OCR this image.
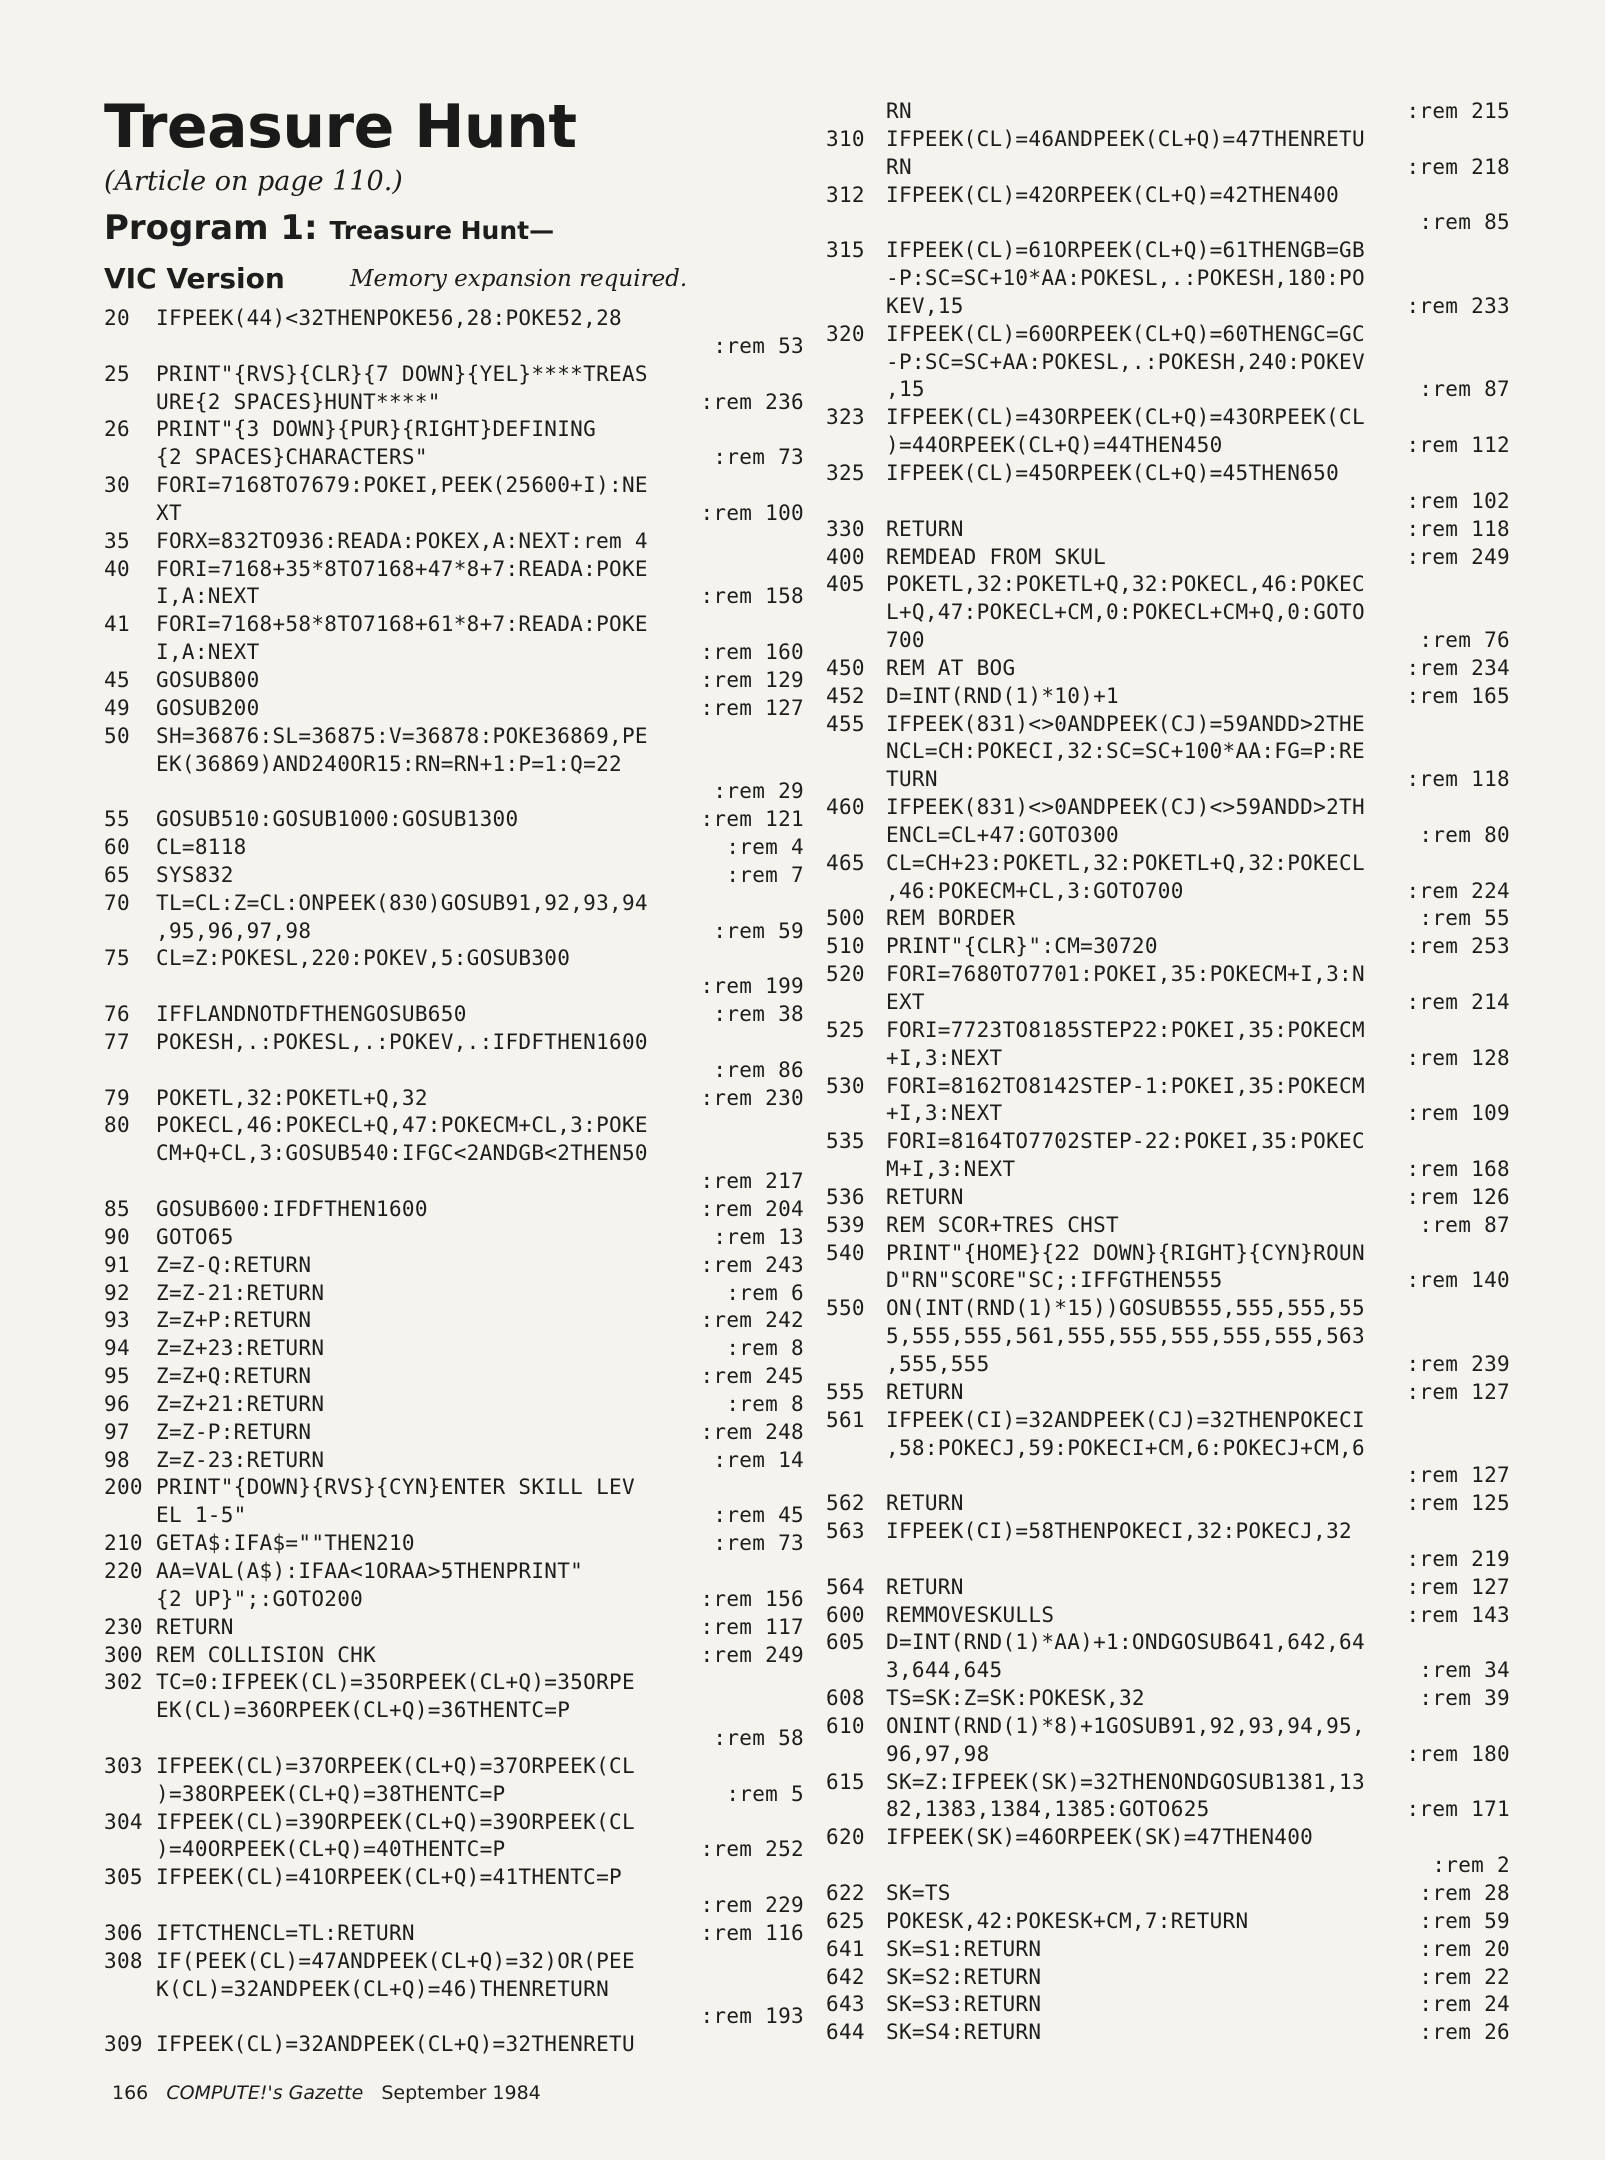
Treasure Hunt
(Article on page 110.)
Program 1: Treasure Hunt—
VIC Version	Memory expansion required.
20	IFPEEK(44)<32THENPOKE56,28:POKE52,28
:rem 53
25	PRINT"{RVS}{CLR}{7 DOWN}{YEL}****TREAS
URE{2 SPACES}HUNT****"	:rem 236
26	PRINT"{3 DOWN}{PUR}{RIGHT}DEFINING
{2 SPACES}CHARACTERS"	:rem 73
30	FORI=7168TO7679:POKEI,PEEK(25600+I):NE
XT	:rem 100
35	FORX=832TO936:READA:POKEX,A:NEXT:rem 4
40	FORI=7168+35*8TO7168+47*8+7:READA:POKE
I,A:NEXT	:rem 158
41	FORI=7168+58*8TO7168+61*8+7:READA:POKE
I,A:NEXT	:rem 160
45	GOSUB800	:rem 129
49	GOSUB200	:rem 127
50	SH=36876:SL=36875:V=36878:POKE36869,PE
EK(36869)AND240OR15:RN=RN+1:P=1:Q=22
:rem 29
55	GOSUB510:GOSUB1000:GOSUB1300	:rem 121
60	CL=8118	:rem 4
65	SYS832	:rem 7
70	TL=CL:Z=CL:ONPEEK(830)GOSUB91,92,93,94
,95,96,97,98	:rem 59
75	CL=Z:POKESL,220:POKEV,5:GOSUB300
:rem 199
76	IFFLANDNOTDFTHENGOSUB650	:rem 38
77	POKESH,.:POKESL,.:POKEV,.:IFDFTHEN1600
:rem 86
79	POKETL,32:POKETL+Q,32	:rem 230
80	POKECL,46:POKECL+Q,47:POKECM+CL,3:POKE
CM+Q+CL,3:GOSUB540:IFGC<2ANDGB<2THEN50
:rem 217
85	GOSUB600:IFDFTHEN1600	:rem 204
90	GOTO65	:rem 13
91	Z=Z-Q:RETURN	:rem 243
92	Z=Z-21:RETURN	:rem 6
93	Z=Z+P:RETURN	:rem 242
94	Z=Z+23:RETURN	:rem 8
95	Z=Z+Q:RETURN	:rem 245
96	Z=Z+21:RETURN	:rem 8
97	Z=Z-P:RETURN	:rem 248
98	Z=Z-23:RETURN	:rem 14
200 PRINT"{DOWN}{RVS}{CYN}ENTER SKILL LEV
EL 1-5"	:rem 45
210 GETA$:IFA$=""THEN210	:rem 73
220 AA=VAL(A$):IFAA<1ORAA>5THENPRINT"
{2 UP}";:GOTO200	:rem 156
230 RETURN	:rem 117
300 REM COLLISION CHK	:rem 249
302 TC=0:IFPEEK(CL)=35ORPEEK(CL+Q)=35ORPE
EK(CL)=36ORPEEK(CL+Q)=36THENTC=P
:rem 58
303 IFPEEK(CL)=37ORPEEK(CL+Q)=37ORPEEK(CL
)=38ORPEEK(CL+Q)=38THENTC=P	:rem 5
304 IFPEEK(CL)=39ORPEEK(CL+Q)=39ORPEEK(CL
)=40ORPEEK(CL+Q)=40THENTC=P	:rem 252
305 IFPEEK(CL)=41ORPEEK(CL+Q)=41THENTC=P
:rem 229
306 IFTCTHENCL=TL:RETURN	:rem 116
308 IF(PEEK(CL)=47ANDPEEK(CL+Q)=32)OR(PEE
K(CL)=32ANDPEEK(CL+Q)=46)THENRETURN
:rem 193
309 IFPEEK(CL)=32ANDPEEK(CL+Q)=32THENRETU
RN	:rem 215
310	IFPEEK(CL)=46ANDPEEK(CL+Q)=47THENRETU
RN	:rem 218
312	IFPEEK(CL)=42ORPEEK(CL+Q)=42THEN400
:rem 85
315	IFPEEK(CL)=61ORPEEK(CL+Q)=61THENGB=GB
-P:SC=SC+10*AA:POKESL,.:POKESH,180:PO
KEV,15	:rem 233
320	IFPEEK(CL)=60ORPEEK(CL+Q)=60THENGC=GC
-P:SC=SC+AA:POKESL,.:POKESH,240:POKEV
,15	:rem 87
323	IFPEEK(CL)=43ORPEEK(CL+Q)=43ORPEEK(CL
)=44ORPEEK(CL+Q)=44THEN450	:rem 112
325	IFPEEK(CL)=45ORPEEK(CL+Q)=45THEN650
:rem 102
330	RETURN	:rem 118
400	REMDEAD FROM SKUL	:rem 249
405	POKETL,32:POKETL+Q,32:POKECL,46:POKEC
L+Q,47:POKECL+CM,0:POKECL+CM+Q,0:GOTO
700	:rem 76
450	REM AT BOG	:rem 234
452	D=INT(RND(1)*10)+1	:rem 165
455	IFPEEK(831)<>0ANDPEEK(CJ)=59ANDD>2THE
NCL=CH:POKECI,32:SC=SC+100*AA:FG=P:RE
TURN	:rem 118
460	IFPEEK(831)<>0ANDPEEK(CJ)<>59ANDD>2TH
ENCL=CL+47:GOTO300	:rem 80
465	CL=CH+23:POKETL,32:POKETL+Q,32:POKECL
,46:POKECM+CL,3:GOTO700	:rem 224
500	REM BORDER	:rem 55
510	PRINT"{CLR}":CM=30720	:rem 253
520	FORI=7680TO7701:POKEI,35:POKECM+I,3:N
EXT	:rem 214
525	FORI=7723TO8185STEP22:POKEI,35:POKECM
+I,3:NEXT	:rem 128
530	FORI=8162TO8142STEP-1:POKEI,35:POKECM
+I,3:NEXT	:rem 109
535	FORI=8164TO7702STEP-22:POKEI,35:POKEC
M+I,3:NEXT	:rem 168
536	RETURN	:rem 126
539	REM SCOR+TRES CHST	:rem 87
540	PRINT"{HOME}{22 DOWN}{RIGHT}{CYN}ROUN
D"RN"SCORE"SC;:IFFGTHEN555	:rem 140
550	ON(INT(RND(1)*15))GOSUB555,555,555,55
5,555,555,561,555,555,555,555,555,563
,555,555	:rem 239
555	RETURN	:rem 127
561	IFPEEK(CI)=32ANDPEEK(CJ)=32THENPOKECI
,58:POKECJ,59:POKECI+CM,6:POKECJ+CM,6
:rem 127
562	RETURN	:rem 125
563	IFPEEK(CI)=58THENPOKECI,32:POKECJ,32
:rem 219
564	RETURN	:rem 127
600	REMMOVESKULLS	:rem 143
605	D=INT(RND(1)*AA)+1:ONDGOSUB641,642,64
3,644,645	:rem 34
608	TS=SK:Z=SK:POKESK,32	:rem 39
610	ONINT(RND(1)*8)+1GOSUB91,92,93,94,95,
96,97,98	:rem 180
615	SK=Z:IFPEEK(SK)=32THENONDGOSUB1381,13
82,1383,1384,1385:GOTO625	:rem 171
620	IFPEEK(SK)=46ORPEEK(SK)=47THEN400
:rem 2
622	SK=TS	:rem 28
625	POKESK,42:POKESK+CM,7:RETURN	:rem 59
641	SK=S1:RETURN	:rem 20
642	SK=S2:RETURN	:rem 22
643	SK=S3:RETURN	:rem 24
644	SK=S4:RETURN	:rem 26
166 COMPUTE!'s Gazette September 1984
